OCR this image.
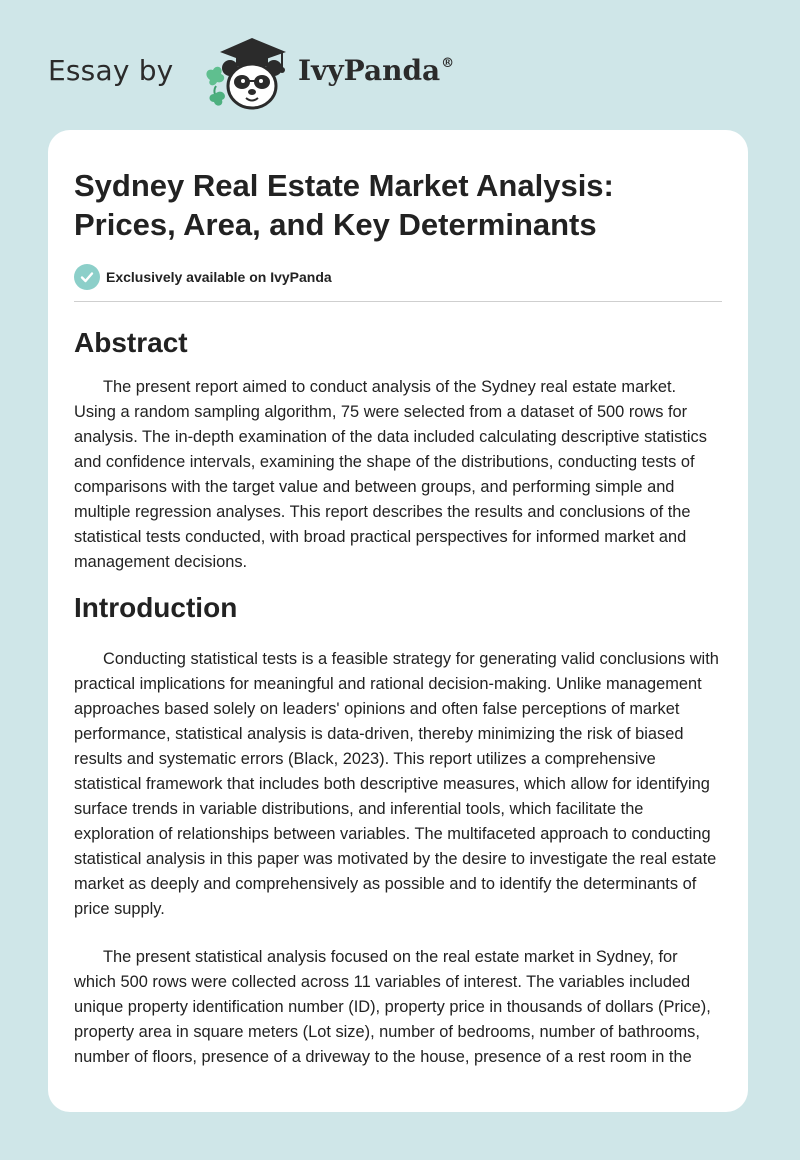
Essay by	IvyPanda®
Sydney Real Estate Market Analysis: Prices, Area, and Key Determinants
Exclusively available on IvyPanda
Abstract

The present report aimed to conduct analysis of the Sydney real estate market. Using a random sampling algorithm, 75 were selected from a dataset of 500 rows for analysis. The in-depth examination of the data included calculating descriptive statistics and confidence intervals, examining the shape of the distributions, conducting tests of comparisons with the target value and between groups, and performing simple and multiple regression analyses. This report describes the results and conclusions of the statistical tests conducted, with broad practical perspectives for informed market and management decisions.

Introduction

Conducting statistical tests is a feasible strategy for generating valid conclusions with practical implications for meaningful and rational decision-making. Unlike management approaches based solely on leaders' opinions and often false perceptions of market performance, statistical analysis is data-driven, thereby minimizing the risk of biased results and systematic errors (Black, 2023). This report utilizes a comprehensive statistical framework that includes both descriptive measures, which allow for identifying surface trends in variable distributions, and inferential tools, which facilitate the exploration of relationships between variables. The multifaceted approach to conducting statistical analysis in this paper was motivated by the desire to investigate the real estate market as deeply and comprehensively as possible and to identify the determinants of price supply.

The present statistical analysis focused on the real estate market in Sydney, for which 500 rows were collected across 11 variables of interest. The variables included unique property identification number (ID), property price in thousands of dollars (Price), property area in square meters (Lot size), number of bedrooms, number of bathrooms, number of floors, presence of a driveway to the house, presence of a rest room in the
